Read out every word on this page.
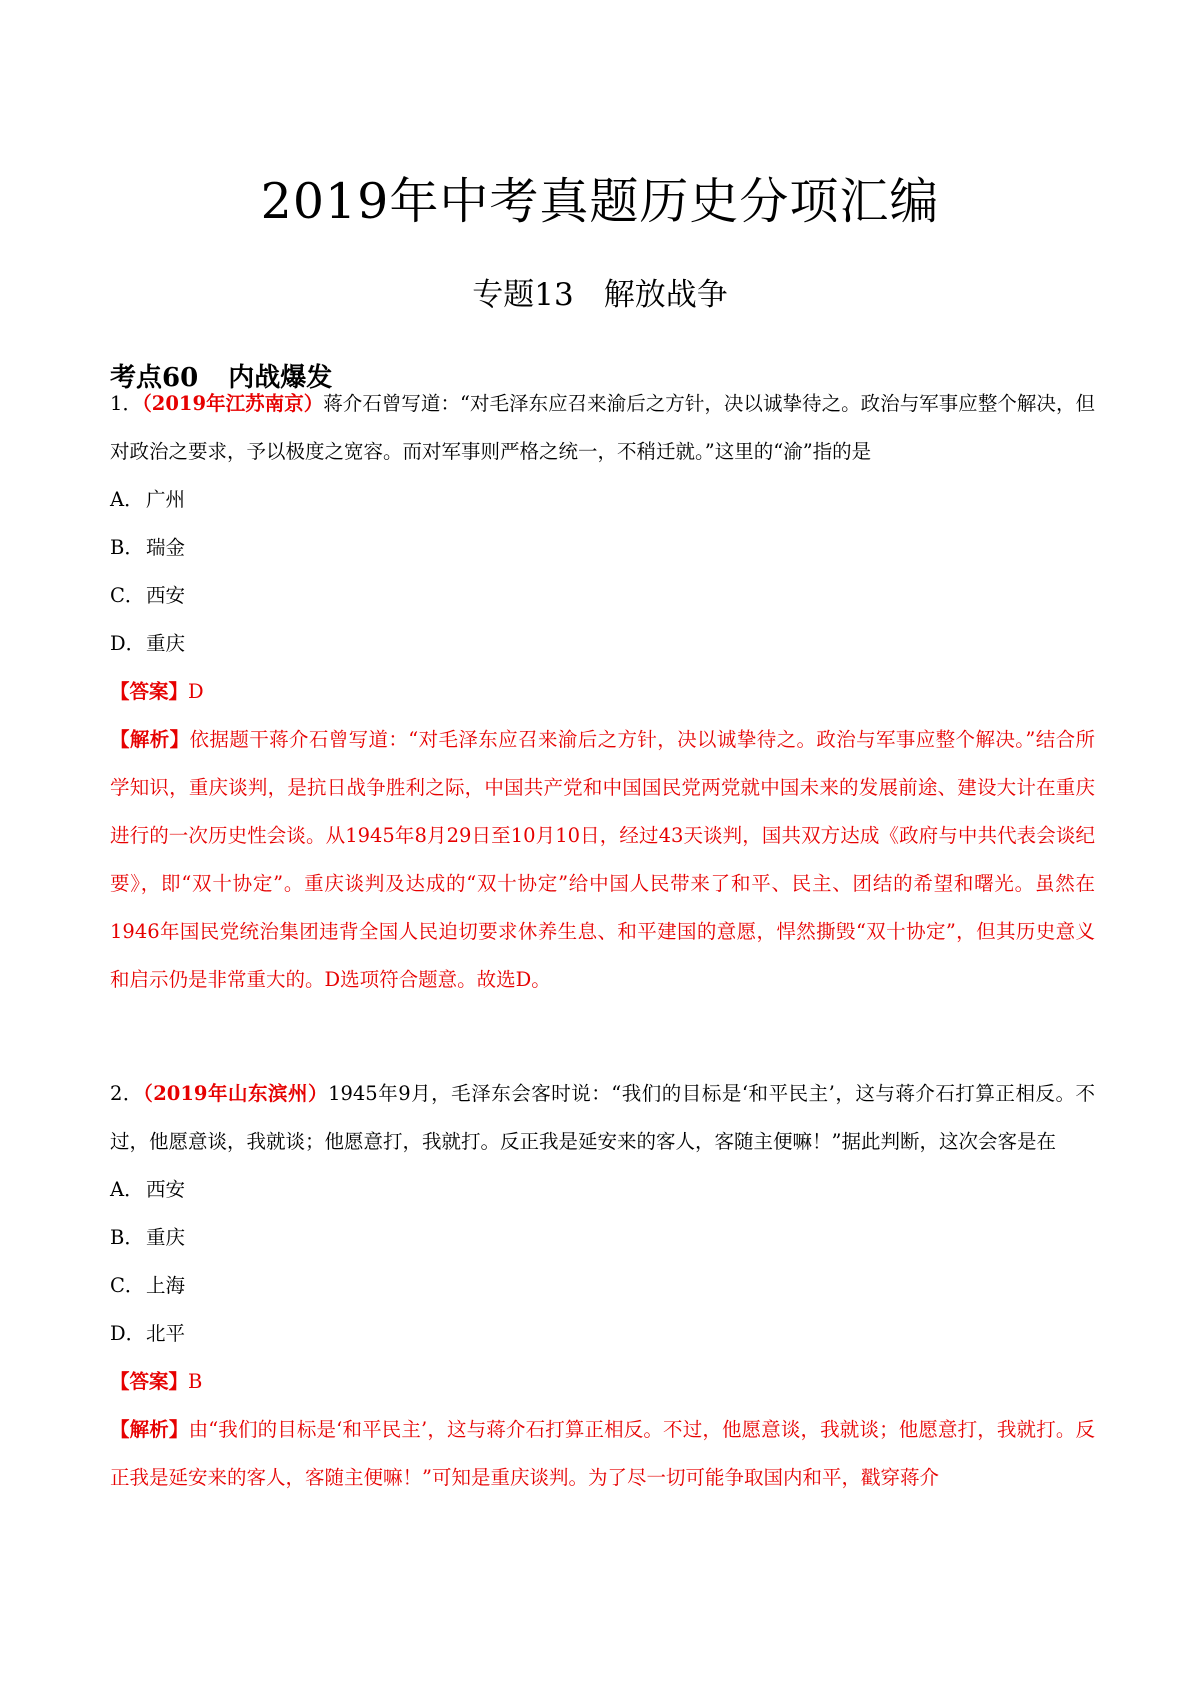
2019年中考真题历史分项汇编
专题13 解放战争
考点60 内战爆发
1．（2019年江苏南京）蒋介石曾写道：“对毛泽东应召来渝后之方针，决以诚挚待之。政治与军事应整个解决，但对政治之要求，予以极度之宽容。而对军事则严格之统一，不稍迁就。”这里的“渝”指的是
A． 广州
B． 瑞金
C．西安
D．重庆
【答案】D
【解析】依据题干蒋介石曾写道：“对毛泽东应召来渝后之方针，决以诚挚待之。政治与军事应整个解决。”结合所学知识，重庆谈判，是抗日战争胜利之际，中国共产党和中国国民党两党就中国未来的发展前途、建设大计在重庆进行的一次历史性会谈。从1945年8月29日至10月10日，经过43天谈判，国共双方达成《政府与中共代表会谈纪要》，即“双十协定”。重庆谈判及达成的“双十协定”给中国人民带来了和平、民主、团结的希望和曙光。虽然在1946年国民党统治集团违背全国人民迫切要求休养生息、和平建国的意愿，悍然撕毁“双十协定”，但其历史意义和启示仍是非常重大的。D选项符合题意。故选D。
2．（2019年山东滨州）1945年9月，毛泽东会客时说：“我们的目标是‘和平民主’，这与蒋介石打算正相反。不过，他愿意谈，我就谈；他愿意打，我就打。反正我是延安来的客人，客随主便嘛！”据此判断，这次会客是在
A． 西安
B． 重庆
C．上海
D．北平
【答案】B
【解析】由“我们的目标是‘和平民主’，这与蒋介石打算正相反。不过，他愿意谈，我就谈；他愿意打，我就打。反正我是延安来的客人，客随主便嘛！”可知是重庆谈判。为了尽一切可能争取国内和平，戳穿蒋介
